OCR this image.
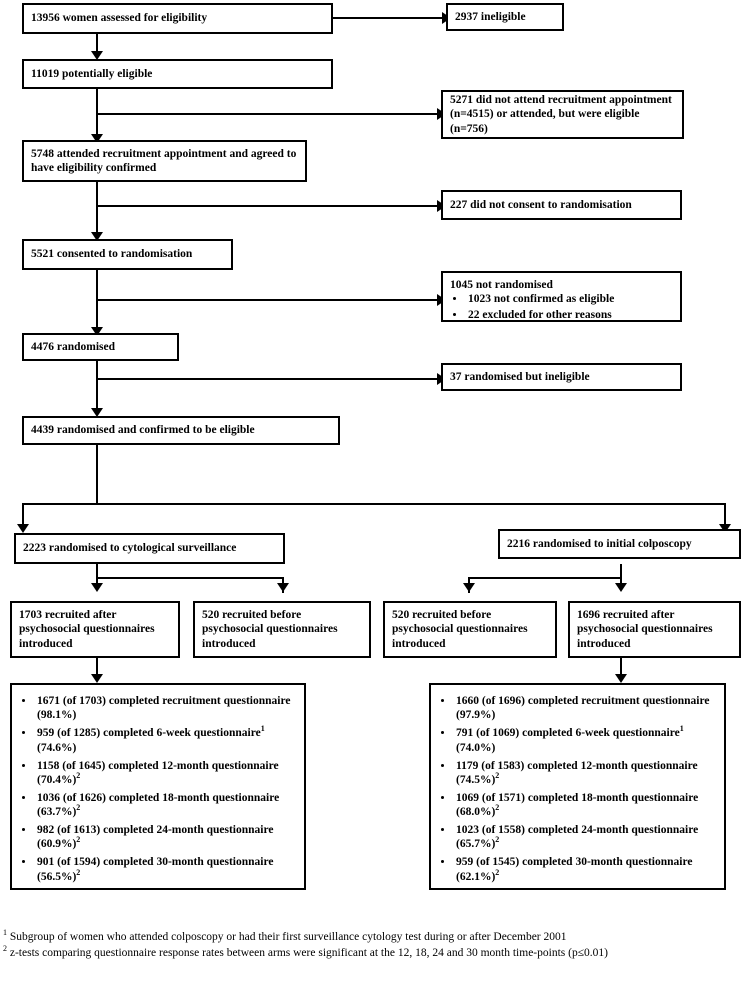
13956 women assessed for eligibility	2937 ineligible
11019 potentially eligible
5271 did not attend recruitment appointment (n=4515) or attended, but were eligible (n=756)
5748 attended recruitment appointment and agreed to have eligibility confirmed
227 did not consent to randomisation
5521 consented to randomisation
1045 not randomised
• 1023 not confirmed as eligible
• 22 excluded for other reasons
4476 randomised
37 randomised but ineligible
4439 randomised and confirmed to be eligible
2223 randomised to cytological surveillance	2216 randomised to initial colposcopy
1703 recruited after psychosocial questionnaires introduced
520 recruited before psychosocial questionnaires introduced
520 recruited before psychosocial questionnaires introduced
1696 recruited after psychosocial questionnaires introduced
• 1671 (of 1703) completed recruitment questionnaire (98.1%)
• 959 (of 1285) completed 6-week questionnaire$^1$ (74.6%)
• 1158 (of 1645) completed 12-month questionnaire $(70.4\%)^2$
• 1036 (of 1626) completed 18-month questionnaire $(63.7\%)^2$
• 982 (of 1613) completed 24-month questionnaire $(60.9\%)^2$
• 901 (of 1594) completed 30-month questionnaire $(56.5\%)^2$
• 1660 (of 1696) completed recruitment questionnaire (97.9%)
• 791 (of 1069) completed 6-week questionnaire$^1$ (74.0%)
• 1179 (of 1583) completed 12-month questionnaire $(74.5\%)^2$
• 1069 (of 1571) completed 18-month questionnaire $(68.0\%)^2$
• 1023 (of 1558) completed 24-month questionnaire $(65.7\%)^2$
• 959 (of 1545) completed 30-month questionnaire $(62.1\%)^2$
$^1$ Subgroup of women who attended colposcopy or had their first surveillance cytology test during or after December 2001
$^2$ z-tests comparing questionnaire response rates between arms were significant at the 12, 18, 24 and 30 month time-points (p≤0.01)
